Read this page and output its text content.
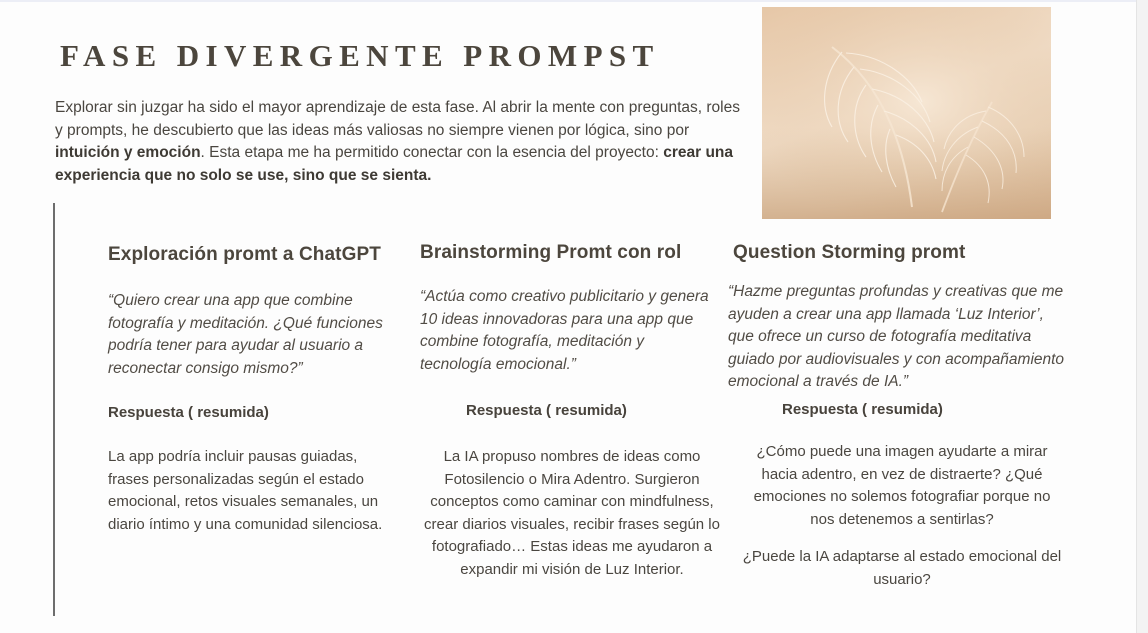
FASE DIVERGENTE PROMPST

Explorar sin juzgar ha sido el mayor aprendizaje de esta fase. Al abrir la mente con preguntas, roles y prompts, he descubierto que las ideas más valiosas no siempre vienen por lógica, sino por intuición y emoción. Esta etapa me ha permitido conectar con la esencia del proyecto: crear una experiencia que no solo se use, sino que se sienta.

Exploración promt a ChatGPT

“Quiero crear una app que combine fotografía y meditación. ¿Qué funciones podría tener para ayudar al usuario a reconectar consigo mismo?”

Respuesta ( resumida)

La app podría incluir pausas guiadas, frases personalizadas según el estado emocional, retos visuales semanales, un diario íntimo y una comunidad silenciosa.

Brainstorming Promt con rol

“Actúa como creativo publicitario y genera 10 ideas innovadoras para una app que combine fotografía, meditación y tecnología emocional.”

Respuesta ( resumida)

La IA propuso nombres de ideas como Fotosilencio o Mira Adentro. Surgieron conceptos como caminar con mindfulness, crear diarios visuales, recibir frases según lo fotografiado… Estas ideas me ayudaron a expandir mi visión de Luz Interior.

Question Storming promt

“Hazme preguntas profundas y creativas que me ayuden a crear una app llamada ‘Luz Interior’, que ofrece un curso de fotografía meditativa guiado por audiovisuales y con acompañamiento emocional a través de IA.”

Respuesta ( resumida)

¿Cómo puede una imagen ayudarte a mirar hacia adentro, en vez de distraerte? ¿Qué emociones no solemos fotografiar porque no nos detenemos a sentirlas?

¿Puede la IA adaptarse al estado emocional del usuario?
